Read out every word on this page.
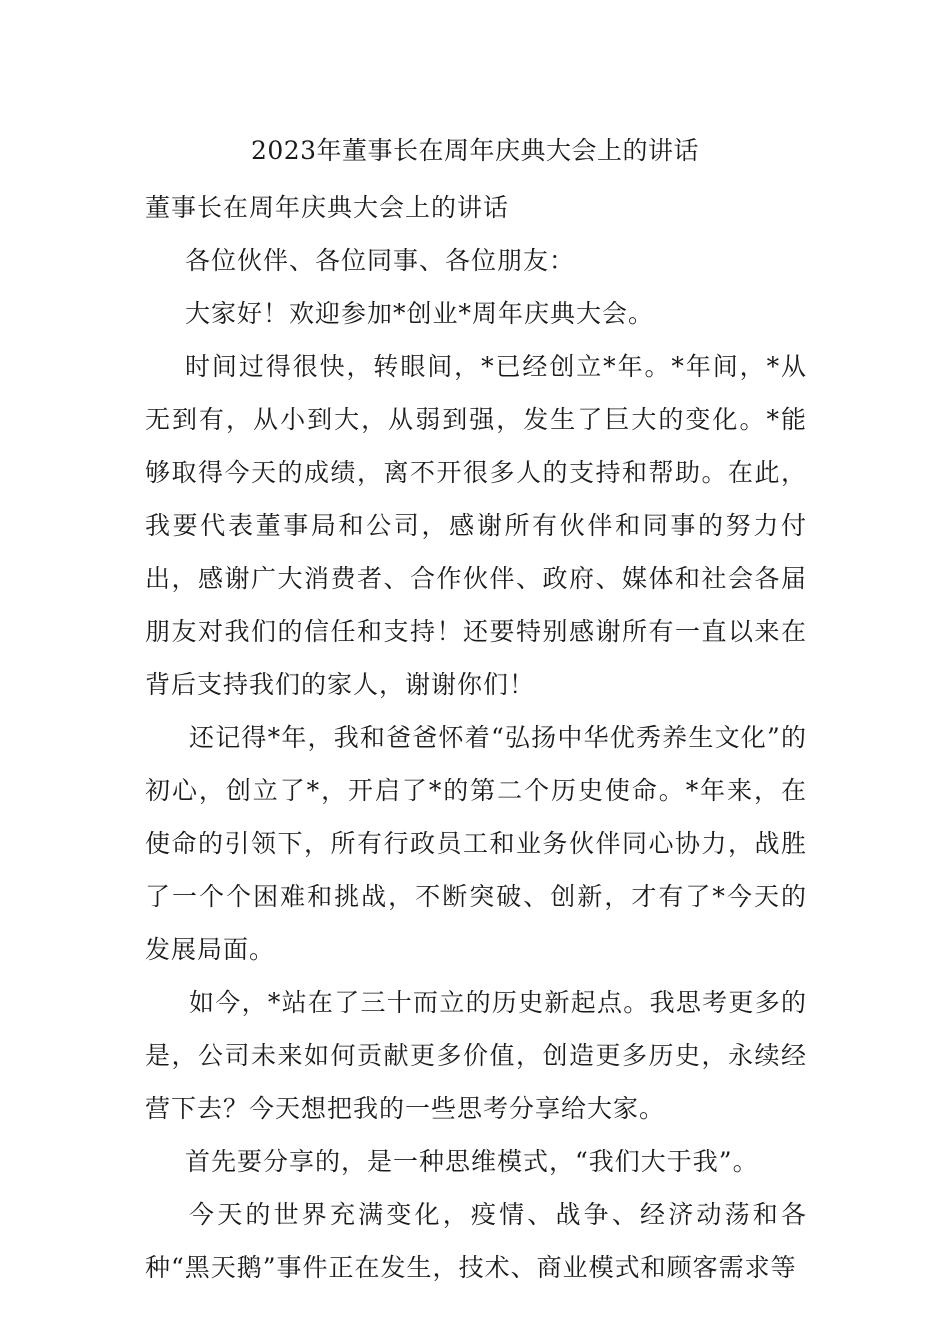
2023年董事长在周年庆典大会上的讲话

董事长在周年庆典大会上的讲话

各位伙伴、各位同事、各位朋友：

大家好！欢迎参加*创业*周年庆典大会。

时间过得很快，转眼间，*已经创立*年。*年间，*从无到有，从小到大，从弱到强，发生了巨大的变化。*能够取得今天的成绩，离不开很多人的支持和帮助。在此，我要代表董事局和公司，感谢所有伙伴和同事的努力付出，感谢广大消费者、合作伙伴、政府、媒体和社会各届朋友对我们的信任和支持！还要特别感谢所有一直以来在背后支持我们的家人，谢谢你们！

还记得*年，我和爸爸怀着“弘扬中华优秀养生文化”的初心，创立了*，开启了*的第二个历史使命。*年来，在使命的引领下，所有行政员工和业务伙伴同心协力，战胜了一个个困难和挑战，不断突破、创新，才有了*今天的发展局面。

如今，*站在了三十而立的历史新起点。我思考更多的是，公司未来如何贡献更多价值，创造更多历史，永续经营下去？今天想把我的一些思考分享给大家。

首先要分享的，是一种思维模式，“我们大于我”。

今天的世界充满变化，疫情、战争、经济动荡和各种“黑天鹅”事件正在发生，技术、商业模式和顾客需求等
